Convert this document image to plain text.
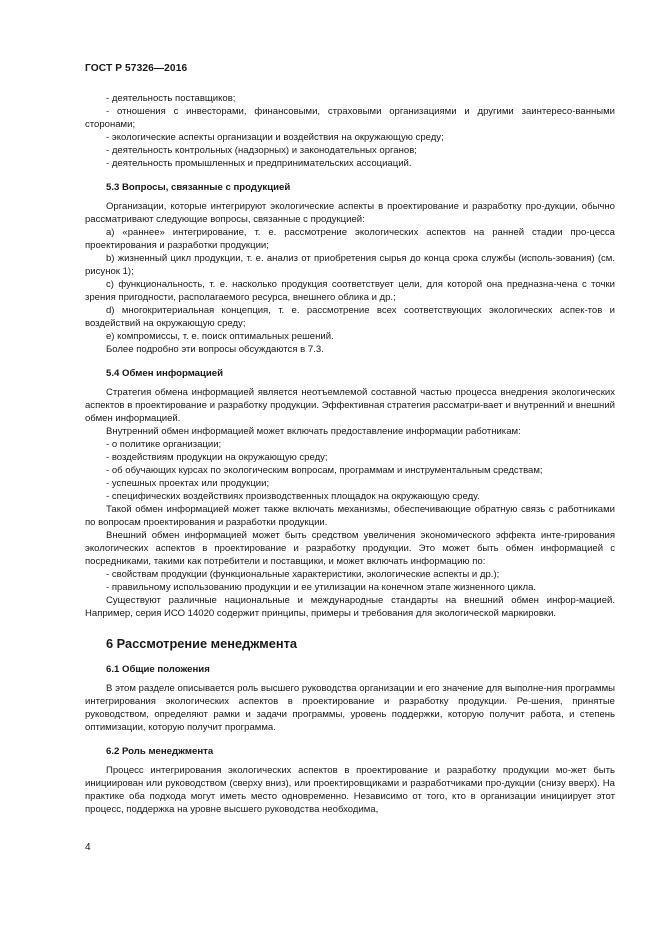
ГОСТ Р 57326—2016
- деятельность поставщиков;
- отношения с инвесторами, финансовыми, страховыми организациями и другими заинтересо-ванными сторонами;
- экологические аспекты организации и воздействия на окружающую среду;
- деятельность контрольных (надзорных) и законодательных органов;
- деятельность промышленных и предпринимательских ассоциаций.
5.3 Вопросы, связанные с продукцией
Организации, которые интегрируют экологические аспекты в проектирование и разработку про-дукции, обычно рассматривают следующие вопросы, связанные с продукцией:
a) «раннее» интегрирование, т. е. рассмотрение экологических аспектов на ранней стадии про-цесса проектирования и разработки продукции;
b) жизненный цикл продукции, т. е. анализ от приобретения сырья до конца срока службы (исполь-зования) (см. рисунок 1);
c) функциональность, т. е. насколько продукция соответствует цели, для которой она предназна-чена с точки зрения пригодности, располагаемого ресурса, внешнего облика и др.;
d) многокритериальная концепция, т. е. рассмотрение всех соответствующих экологических аспек-тов и воздействий на окружающую среду;
e) компромиссы, т. е. поиск оптимальных решений.
Более подробно эти вопросы обсуждаются в 7.3.
5.4 Обмен информацией
Стратегия обмена информацией является неотъемлемой составной частью процесса внедрения экологических аспектов в проектирование и разработку продукции. Эффективная стратегия рассматри-вает и внутренний и внешний обмен информацией.
Внутренний обмен информацией может включать предоставление информации работникам:
- о политике организации;
- воздействиям продукции на окружающую среду;
- об обучающих курсах по экологическим вопросам, программам и инструментальным средствам;
- успешных проектах или продукции;
- специфических воздействиях производственных площадок на окружающую среду.
Такой обмен информацией может также включать механизмы, обеспечивающие обратную связь с работниками по вопросам проектирования и разработки продукции.
Внешний обмен информацией может быть средством увеличения экономического эффекта инте-грирования экологических аспектов в проектирование и разработку продукции. Это может быть обмен информацией с посредниками, такими как потребители и поставщики, и может включать информацию по:
- свойствам продукции (функциональные характеристики, экологические аспекты и др.);
- правильному использованию продукции и ее утилизации на конечном этапе жизненного цикла.
Существуют различные национальные и международные стандарты на внешний обмен инфор-мацией. Например, серия ИСО 14020 содержит принципы, примеры и требования для экологической маркировки.
6 Рассмотрение менеджмента
6.1 Общие положения
В этом разделе описывается роль высшего руководства организации и его значение для выполне-ния программы интегрирования экологических аспектов в проектирование и разработку продукции. Ре-шения, принятые руководством, определяют рамки и задачи программы, уровень поддержки, которую получит работа, и степень оптимизации, которую получит программа.
6.2 Роль менеджмента
Процесс интегрирования экологических аспектов в проектирование и разработку продукции мо-жет быть инициирован или руководством (сверху вниз), или проектировщиками и разработчиками про-дукции (снизу вверх). На практике оба подхода могут иметь место одновременно. Независимо от того, кто в организации инициирует этот процесс, поддержка на уровне высшего руководства необходима,
4
